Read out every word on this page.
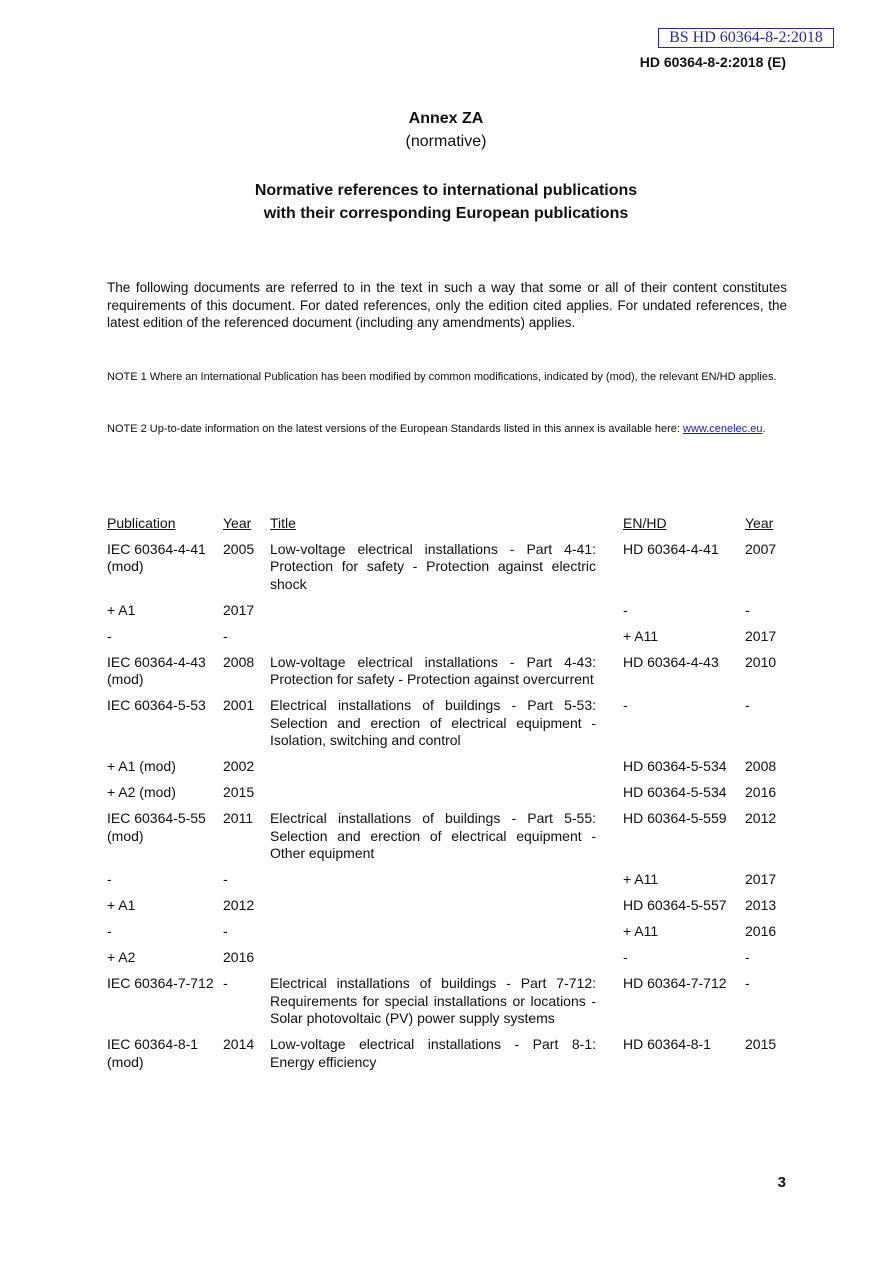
BS HD 60364-8-2:2018
HD 60364-8-2:2018 (E)
Annex ZA
(normative)
Normative references to international publications
with their corresponding European publications
The following documents are referred to in the text in such a way that some or all of their content constitutes requirements of this document. For dated references, only the edition cited applies. For undated references, the latest edition of the referenced document (including any amendments) applies.
NOTE 1 Where an International Publication has been modified by common modifications, indicated by (mod), the relevant EN/HD applies.
NOTE 2 Up-to-date information on the latest versions of the European Standards listed in this annex is available here: www.cenelec.eu.
Publication	Year	Title	EN/HD	Year
IEC 60364-4-41 (mod)	2005	Low-voltage electrical installations - Part 4-41: Protection for safety - Protection against electric shock	HD 60364-4-41	2007
+ A1	2017		-	-
-	-		+ A11	2017
IEC 60364-4-43 (mod)	2008	Low-voltage electrical installations - Part 4-43: Protection for safety - Protection against overcurrent	HD 60364-4-43	2010
IEC 60364-5-53	2001	Electrical installations of buildings - Part 5-53: Selection and erection of electrical equipment - Isolation, switching and control	-	-
+ A1 (mod)	2002		HD 60364-5-534	2008
+ A2 (mod)	2015		HD 60364-5-534	2016
IEC 60364-5-55 (mod)	2011	Electrical installations of buildings - Part 5-55: Selection and erection of electrical equipment - Other equipment	HD 60364-5-559	2012
-	-		+ A11	2017
+ A1	2012		HD 60364-5-557	2013
-	-		+ A11	2016
+ A2	2016		-	-
IEC 60364-7-712	-	Electrical installations of buildings - Part 7-712: Requirements for special installations or locations - Solar photovoltaic (PV) power supply systems	HD 60364-7-712	-
IEC 60364-8-1 (mod)	2014	Low-voltage electrical installations - Part 8-1: Energy efficiency	HD 60364-8-1	2015
3
